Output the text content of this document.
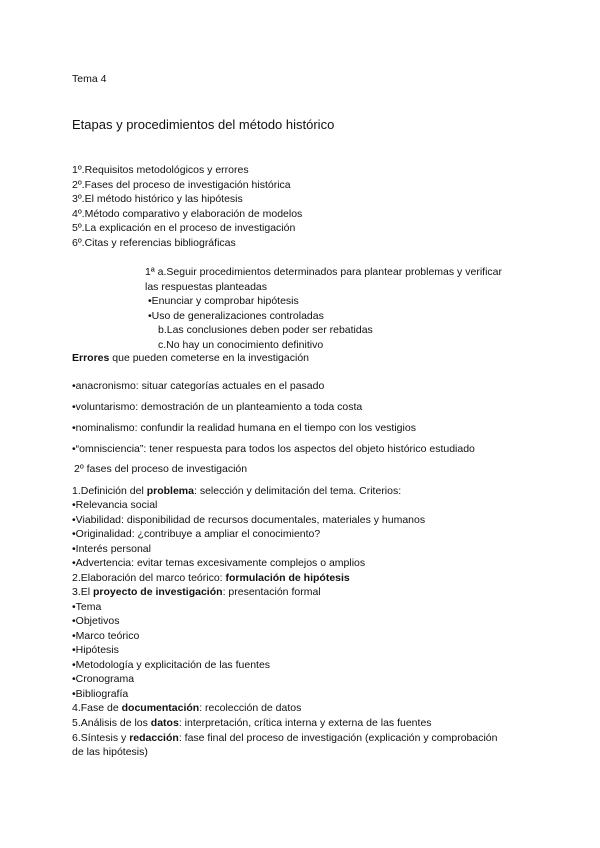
Tema 4
Etapas y procedimientos del método histórico
1º.Requisitos metodológicos y errores
2º.Fases del proceso de investigación histórica
3º.El método histórico y las hipótesis
4º.Método comparativo y elaboración de modelos
5º.La explicación en el proceso de investigación
6º.Citas y referencias bibliográficas
1ª a.Seguir procedimientos determinados para plantear problemas y verificar
las respuestas planteadas
•Enunciar y comprobar hipótesis
•Uso de generalizaciones controladas
b.Las conclusiones deben poder ser rebatidas
c.No hay un conocimiento definitivo
Errores que pueden cometerse en la investigación
•anacronismo: situar categorías actuales en el pasado
•voluntarismo: demostración de un planteamiento a toda costa
•nominalismo: confundir la realidad humana en el tiempo con los vestigios
•“omnisciencia”: tener respuesta para todos los aspectos del objeto histórico estudiado
2º fases del proceso de investigación
1.Definición del problema: selección y delimitación del tema. Criterios:
•Relevancia social
•Viabilidad: disponibilidad de recursos documentales, materiales y humanos
•Originalidad: ¿contribuye a ampliar el conocimiento?
•Interés personal
•Advertencia: evitar temas excesivamente complejos o amplios
2.Elaboración del marco teórico: formulación de hipótesis
3.El proyecto de investigación: presentación formal
•Tema
•Objetivos
•Marco teórico
•Hipótesis
•Metodología y explicitación de las fuentes
•Cronograma
•Bibliografía
4.Fase de documentación: recolección de datos
5.Análisis de los datos: interpretación, crítica interna y externa de las fuentes
6.Síntesis y redacción: fase final del proceso de investigación (explicación y comprobación
de las hipótesis)
